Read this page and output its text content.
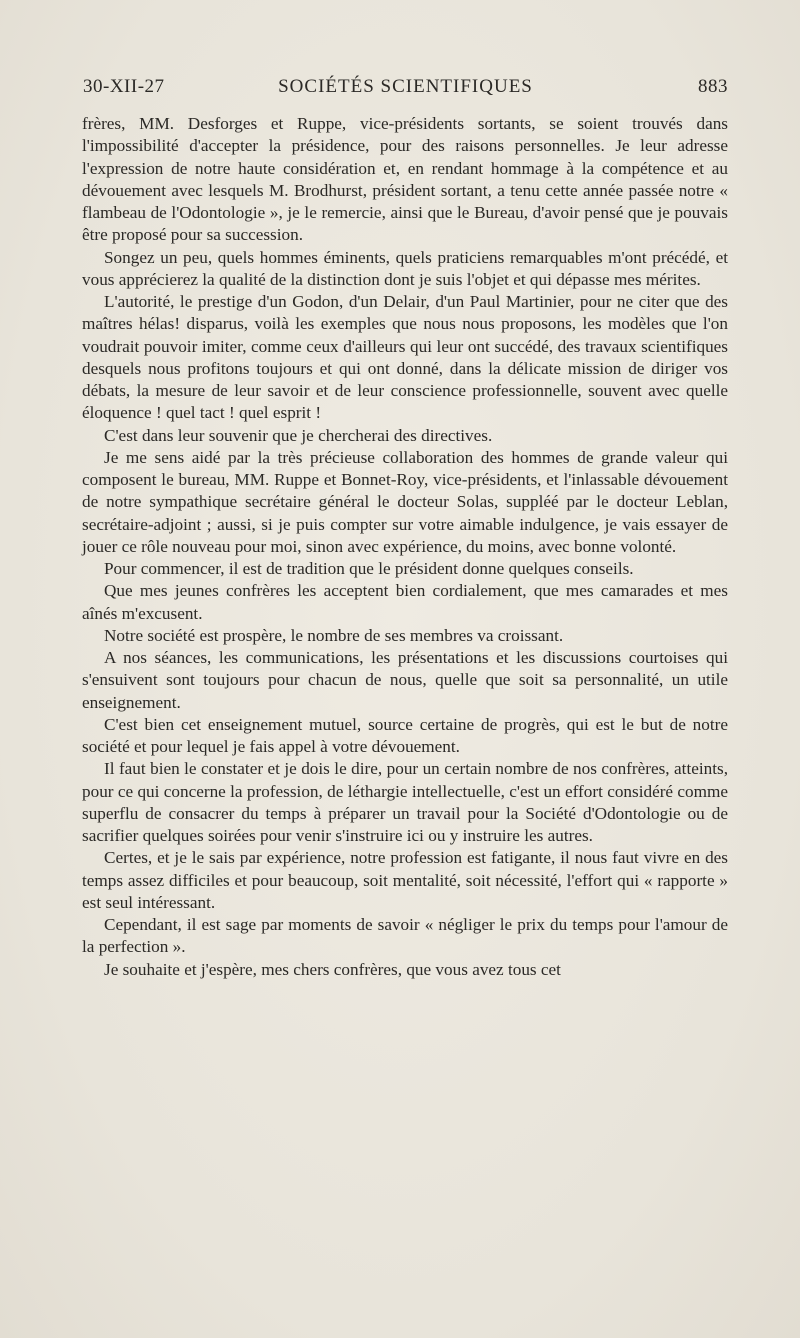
30-XII-27	SOCIÉTÉS SCIENTIFIQUES	883

frères, MM. Desforges et Ruppe, vice-présidents sortants, se soient trouvés dans l'impossibilité d'accepter la présidence, pour des raisons personnelles. Je leur adresse l'expression de notre haute considération et, en rendant hommage à la compétence et au dévouement avec lesquels M. Brodhurst, président sortant, a tenu cette année passée notre « flambeau de l'Odontologie », je le remercie, ainsi que le Bureau, d'avoir pensé que je pouvais être proposé pour sa succession.

Songez un peu, quels hommes éminents, quels praticiens remarquables m'ont précédé, et vous apprécierez la qualité de la distinction dont je suis l'objet et qui dépasse mes mérites.

L'autorité, le prestige d'un Godon, d'un Delair, d'un Paul Martinier, pour ne citer que des maîtres hélas! disparus, voilà les exemples que nous nous proposons, les modèles que l'on voudrait pouvoir imiter, comme ceux d'ailleurs qui leur ont succédé, des travaux scientifiques desquels nous profitons toujours et qui ont donné, dans la délicate mission de diriger vos débats, la mesure de leur savoir et de leur conscience professionnelle, souvent avec quelle éloquence ! quel tact ! quel esprit !

C'est dans leur souvenir que je chercherai des directives.

Je me sens aidé par la très précieuse collaboration des hommes de grande valeur qui composent le bureau, MM. Ruppe et Bonnet-Roy, vice-présidents, et l'inlassable dévouement de notre sympathique secrétaire général le docteur Solas, suppléé par le docteur Leblan, secrétaire-adjoint ; aussi, si je puis compter sur votre aimable indulgence, je vais essayer de jouer ce rôle nouveau pour moi, sinon avec expérience, du moins, avec bonne volonté.

Pour commencer, il est de tradition que le président donne quelques conseils.

Que mes jeunes confrères les acceptent bien cordialement, que mes camarades et mes aînés m'excusent.

Notre société est prospère, le nombre de ses membres va croissant.

A nos séances, les communications, les présentations et les discussions courtoises qui s'ensuivent sont toujours pour chacun de nous, quelle que soit sa personnalité, un utile enseignement.

C'est bien cet enseignement mutuel, source certaine de progrès, qui est le but de notre société et pour lequel je fais appel à votre dévouement.

Il faut bien le constater et je dois le dire, pour un certain nombre de nos confrères, atteints, pour ce qui concerne la profession, de léthargie intellectuelle, c'est un effort considéré comme superflu de consacrer du temps à préparer un travail pour la Société d'Odontologie ou de sacrifier quelques soirées pour venir s'instruire ici ou y instruire les autres.

Certes, et je le sais par expérience, notre profession est fatigante, il nous faut vivre en des temps assez difficiles et pour beaucoup, soit mentalité, soit nécessité, l'effort qui « rapporte » est seul intéressant.

Cependant, il est sage par moments de savoir « négliger le prix du temps pour l'amour de la perfection ».

Je souhaite et j'espère, mes chers confrères, que vous avez tous cet
